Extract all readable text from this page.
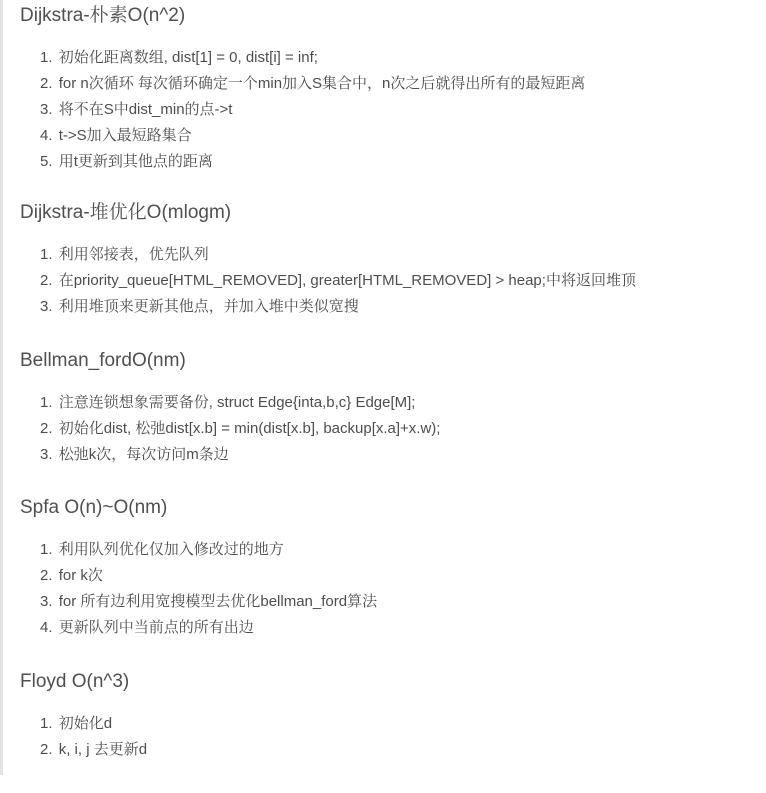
Dijkstra-朴素O(n^2)
1. 初始化距离数组, dist[1] = 0, dist[i] = inf;
2. for n次循环 每次循环确定一个min加入S集合中，n次之后就得出所有的最短距离
3. 将不在S中dist_min的点->t
4. t->S加入最短路集合
5. 用t更新到其他点的距离
Dijkstra-堆优化O(mlogm)
1. 利用邻接表，优先队列
2. 在priority_queue[HTML_REMOVED], greater[HTML_REMOVED] > heap;中将返回堆顶
3. 利用堆顶来更新其他点，并加入堆中类似宽搜
Bellman_fordO(nm)
1. 注意连锁想象需要备份, struct Edge{inta,b,c} Edge[M];
2. 初始化dist, 松弛dist[x.b] = min(dist[x.b], backup[x.a]+x.w);
3. 松弛k次，每次访问m条边
Spfa O(n)~O(nm)
1. 利用队列优化仅加入修改过的地方
2. for k次
3. for 所有边利用宽搜模型去优化bellman_ford算法
4. 更新队列中当前点的所有出边
Floyd O(n^3)
1. 初始化d
2. k, i, j 去更新d
